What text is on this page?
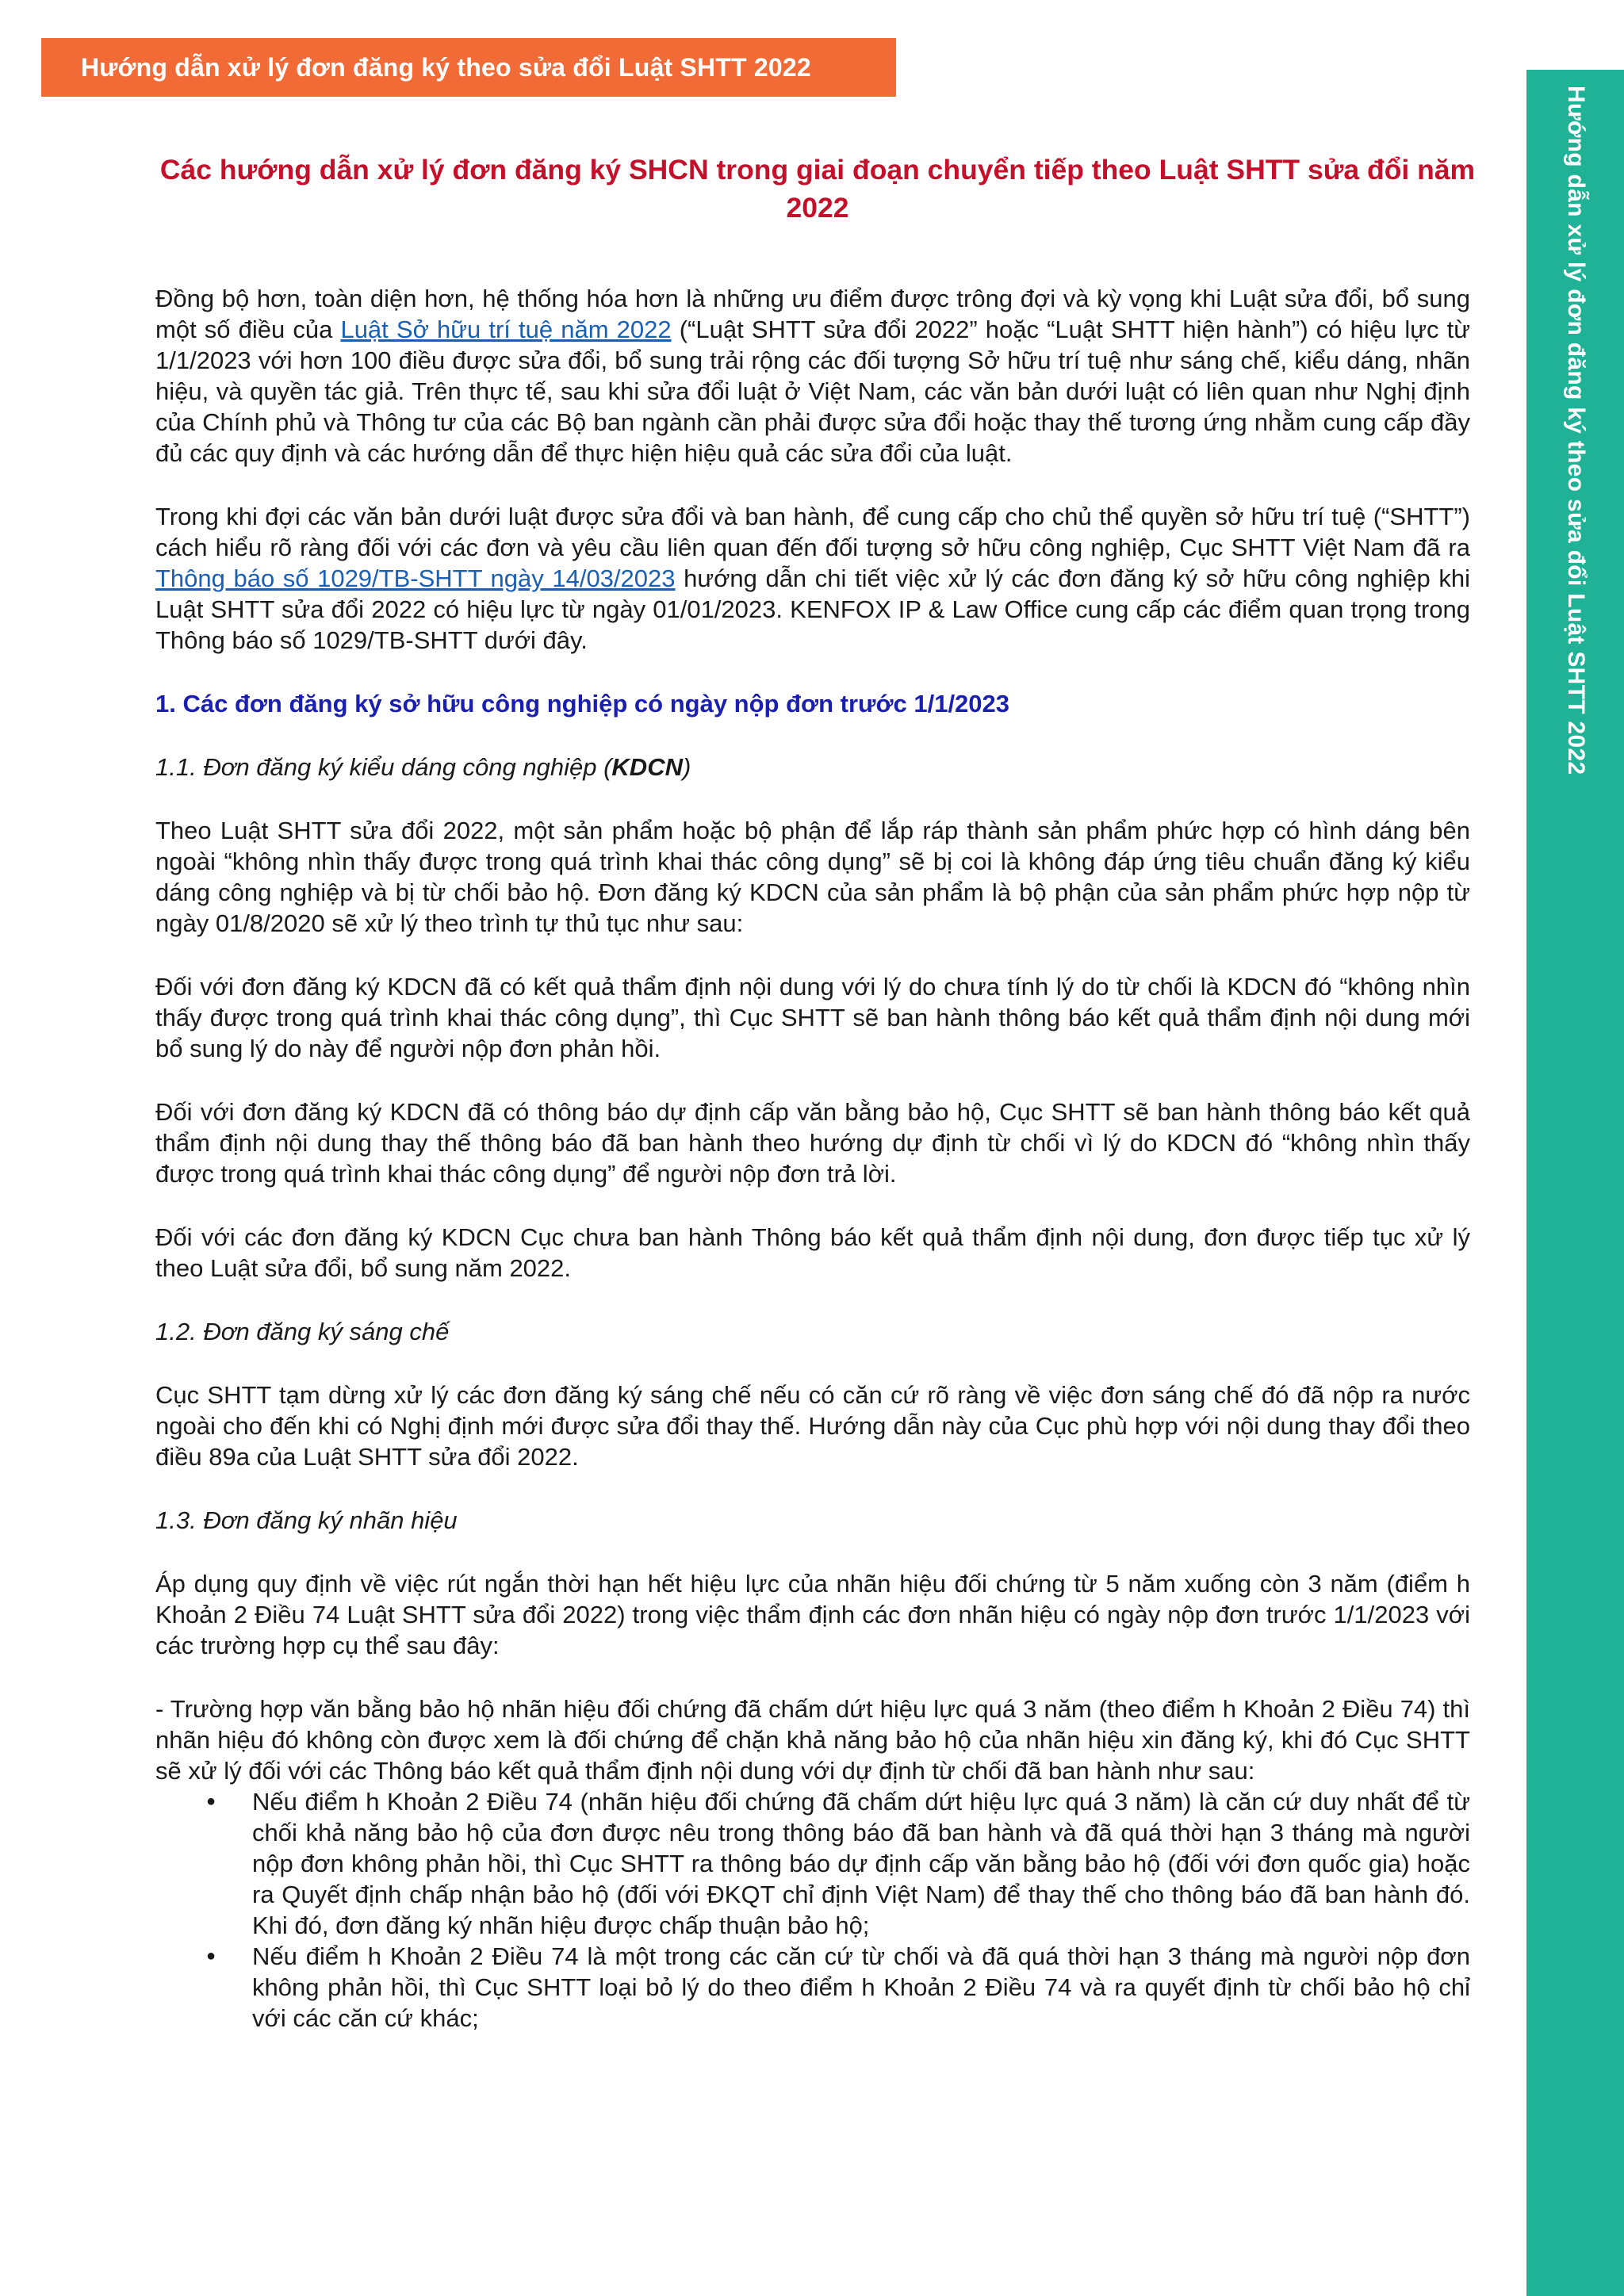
Hướng dẫn xử lý đơn đăng ký theo sửa đổi Luật SHTT 2022
Hướng dẫn xử lý đơn đăng ký theo sửa đổi Luật SHTT 2022
Các hướng dẫn xử lý đơn đăng ký SHCN trong giai đoạn chuyển tiếp theo Luật SHTT sửa đổi năm 2022

Đồng bộ hơn, toàn diện hơn, hệ thống hóa hơn là những ưu điểm được trông đợi và kỳ vọng khi Luật sửa đổi, bổ sung một số điều của Luật Sở hữu trí tuệ năm 2022 (“Luật SHTT sửa đổi 2022” hoặc “Luật SHTT hiện hành”) có hiệu lực từ 1/1/2023 với hơn 100 điều được sửa đổi, bổ sung trải rộng các đối tượng Sở hữu trí tuệ như sáng chế, kiểu dáng, nhãn hiệu, và quyền tác giả. Trên thực tế, sau khi sửa đổi luật ở Việt Nam, các văn bản dưới luật có liên quan như Nghị định của Chính phủ và Thông tư của các Bộ ban ngành cần phải được sửa đổi hoặc thay thế tương ứng nhằm cung cấp đầy đủ các quy định và các hướng dẫn để thực hiện hiệu quả các sửa đổi của luật.

Trong khi đợi các văn bản dưới luật được sửa đổi và ban hành, để cung cấp cho chủ thể quyền sở hữu trí tuệ (“SHTT”) cách hiểu rõ ràng đối với các đơn và yêu cầu liên quan đến đối tượng sở hữu công nghiệp, Cục SHTT Việt Nam đã ra Thông báo số 1029/TB-SHTT ngày 14/03/2023 hướng dẫn chi tiết việc xử lý các đơn đăng ký sở hữu công nghiệp khi Luật SHTT sửa đổi 2022 có hiệu lực từ ngày 01/01/2023. KENFOX IP & Law Office cung cấp các điểm quan trọng trong Thông báo số 1029/TB-SHTT dưới đây.

1. Các đơn đăng ký sở hữu công nghiệp có ngày nộp đơn trước 1/1/2023

1.1. Đơn đăng ký kiểu dáng công nghiệp (KDCN)

Theo Luật SHTT sửa đổi 2022, một sản phẩm hoặc bộ phận để lắp ráp thành sản phẩm phức hợp có hình dáng bên ngoài “không nhìn thấy được trong quá trình khai thác công dụng” sẽ bị coi là không đáp ứng tiêu chuẩn đăng ký kiểu dáng công nghiệp và bị từ chối bảo hộ. Đơn đăng ký KDCN của sản phẩm là bộ phận của sản phẩm phức hợp nộp từ ngày 01/8/2020 sẽ xử lý theo trình tự thủ tục như sau:

Đối với đơn đăng ký KDCN đã có kết quả thẩm định nội dung với lý do chưa tính lý do từ chối là KDCN đó “không nhìn thấy được trong quá trình khai thác công dụng”, thì Cục SHTT sẽ ban hành thông báo kết quả thẩm định nội dung mới bổ sung lý do này để người nộp đơn phản hồi.

Đối với đơn đăng ký KDCN đã có thông báo dự định cấp văn bằng bảo hộ, Cục SHTT sẽ ban hành thông báo kết quả thẩm định nội dung thay thế thông báo đã ban hành theo hướng dự định từ chối vì lý do KDCN đó “không nhìn thấy được trong quá trình khai thác công dụng” để người nộp đơn trả lời.

Đối với các đơn đăng ký KDCN Cục chưa ban hành Thông báo kết quả thẩm định nội dung, đơn được tiếp tục xử lý theo Luật sửa đổi, bổ sung năm 2022.

1.2. Đơn đăng ký sáng chế

Cục SHTT tạm dừng xử lý các đơn đăng ký sáng chế nếu có căn cứ rõ ràng về việc đơn sáng chế đó đã nộp ra nước ngoài cho đến khi có Nghị định mới được sửa đổi thay thế. Hướng dẫn này của Cục phù hợp với nội dung thay đổi theo điều 89a của Luật SHTT sửa đổi 2022.

1.3. Đơn đăng ký nhãn hiệu

Áp dụng quy định về việc rút ngắn thời hạn hết hiệu lực của nhãn hiệu đối chứng từ 5 năm xuống còn 3 năm (điểm h Khoản 2 Điều 74 Luật SHTT sửa đổi 2022) trong việc thẩm định các đơn nhãn hiệu có ngày nộp đơn trước 1/1/2023 với các trường hợp cụ thể sau đây:

- Trường hợp văn bằng bảo hộ nhãn hiệu đối chứng đã chấm dứt hiệu lực quá 3 năm (theo điểm h Khoản 2 Điều 74) thì nhãn hiệu đó không còn được xem là đối chứng để chặn khả năng bảo hộ của nhãn hiệu xin đăng ký, khi đó Cục SHTT sẽ xử lý đối với các Thông báo kết quả thẩm định nội dung với dự định từ chối đã ban hành như sau:

● Nếu điểm h Khoản 2 Điều 74 (nhãn hiệu đối chứng đã chấm dứt hiệu lực quá 3 năm) là căn cứ duy nhất để từ chối khả năng bảo hộ của đơn được nêu trong thông báo đã ban hành và đã quá thời hạn 3 tháng mà người nộp đơn không phản hồi, thì Cục SHTT ra thông báo dự định cấp văn bằng bảo hộ (đối với đơn quốc gia) hoặc ra Quyết định chấp nhận bảo hộ (đối với ĐKQT chỉ định Việt Nam) để thay thế cho thông báo đã ban hành đó. Khi đó, đơn đăng ký nhãn hiệu được chấp thuận bảo hộ;
● Nếu điểm h Khoản 2 Điều 74 là một trong các căn cứ từ chối và đã quá thời hạn 3 tháng mà người nộp đơn không phản hồi, thì Cục SHTT loại bỏ lý do theo điểm h Khoản 2 Điều 74 và ra quyết định từ chối bảo hộ chỉ với các căn cứ khác;
